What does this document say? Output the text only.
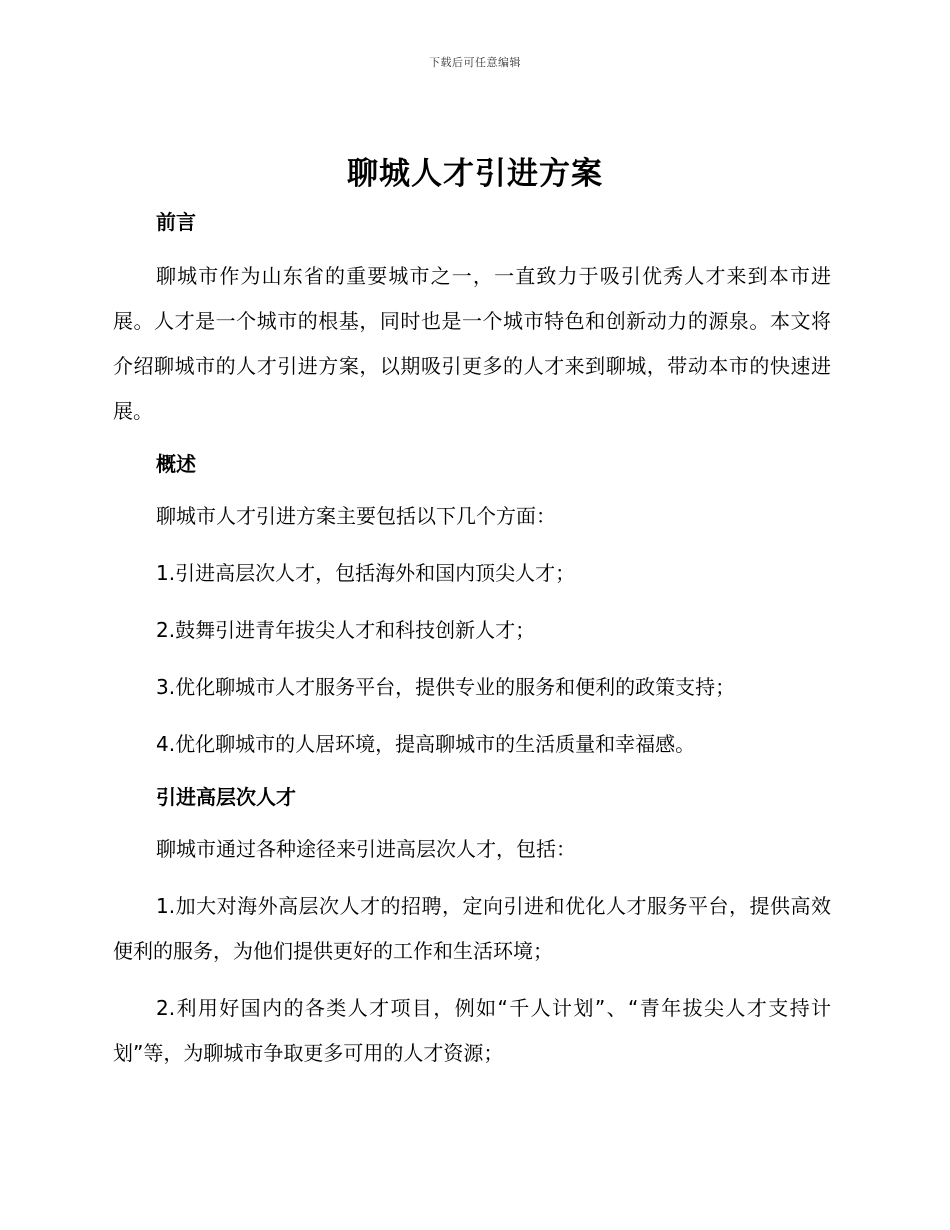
下载后可任意编辑
聊城人才引进方案
前言

聊城市作为山东省的重要城市之一，一直致力于吸引优秀人才来到本市进展。人才是一个城市的根基，同时也是一个城市特色和创新动力的源泉。本文将介绍聊城市的人才引进方案，以期吸引更多的人才来到聊城，带动本市的快速进展。

概述

聊城市人才引进方案主要包括以下几个方面：

1.引进高层次人才，包括海外和国内顶尖人才；

2.鼓舞引进青年拔尖人才和科技创新人才；

3.优化聊城市人才服务平台，提供专业的服务和便利的政策支持；

4.优化聊城市的人居环境，提高聊城市的生活质量和幸福感。

引进高层次人才

聊城市通过各种途径来引进高层次人才，包括：

1.加大对海外高层次人才的招聘，定向引进和优化人才服务平台，提供高效便利的服务，为他们提供更好的工作和生活环境；

2.利用好国内的各类人才项目，例如“千人计划”、“青年拔尖人才支持计划”等，为聊城市争取更多可用的人才资源；
